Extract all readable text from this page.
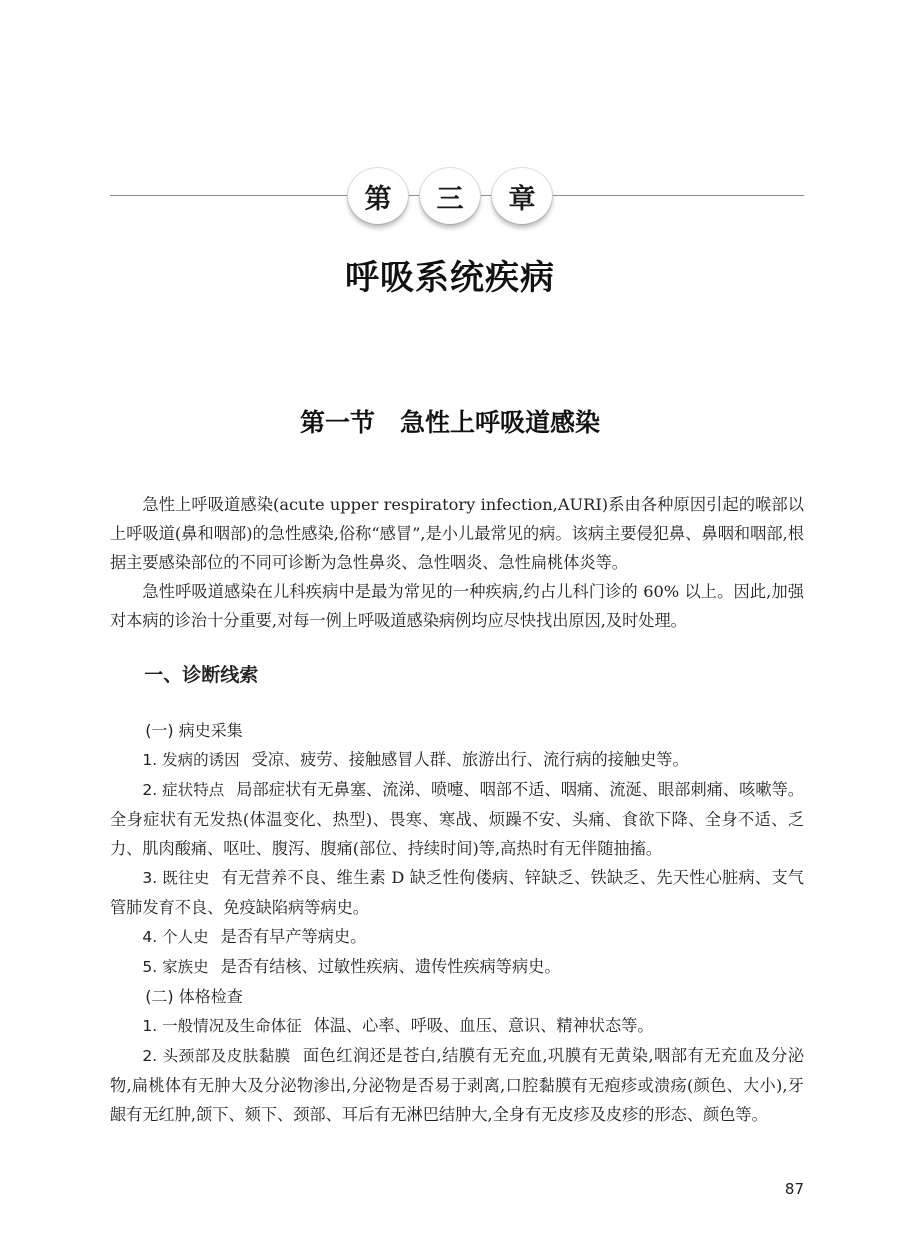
第	三	章
呼吸系统疾病
第一节　急性上呼吸道感染

急性上呼吸道感染(acute upper respiratory infection,AURI)系由各种原因引起的喉部以上呼吸道(鼻和咽部)的急性感染,俗称“感冒”,是小儿最常见的病。该病主要侵犯鼻、鼻咽和咽部,根据主要感染部位的不同可诊断为急性鼻炎、急性咽炎、急性扁桃体炎等。

急性呼吸道感染在儿科疾病中是最为常见的一种疾病,约占儿科门诊的 60% 以上。因此,加强对本病的诊治十分重要,对每一例上呼吸道感染病例均应尽快找出原因,及时处理。

一、诊断线索
(一) 病史采集

1. 发病的诱因 受凉、疲劳、接触感冒人群、旅游出行、流行病的接触史等。

2. 症状特点 局部症状有无鼻塞、流涕、喷嚏、咽部不适、咽痛、流涎、眼部刺痛、咳嗽等。全身症状有无发热(体温变化、热型)、畏寒、寒战、烦躁不安、头痛、食欲下降、全身不适、乏力、肌肉酸痛、呕吐、腹泻、腹痛(部位、持续时间)等,高热时有无伴随抽搐。

3. 既往史 有无营养不良、维生素 D 缺乏性佝偻病、锌缺乏、铁缺乏、先天性心脏病、支气管肺发育不良、免疫缺陷病等病史。

4. 个人史 是否有早产等病史。

5. 家族史 是否有结核、过敏性疾病、遗传性疾病等病史。

(二) 体格检查

1. 一般情况及生命体征 体温、心率、呼吸、血压、意识、精神状态等。

2. 头颈部及皮肤黏膜 面色红润还是苍白,结膜有无充血,巩膜有无黄染,咽部有无充血及分泌物,扁桃体有无肿大及分泌物渗出,分泌物是否易于剥离,口腔黏膜有无疱疹或溃疡(颜色、大小),牙龈有无红肿,颌下、颏下、颈部、耳后有无淋巴结肿大,全身有无皮疹及皮疹的形态、颜色等。

87
